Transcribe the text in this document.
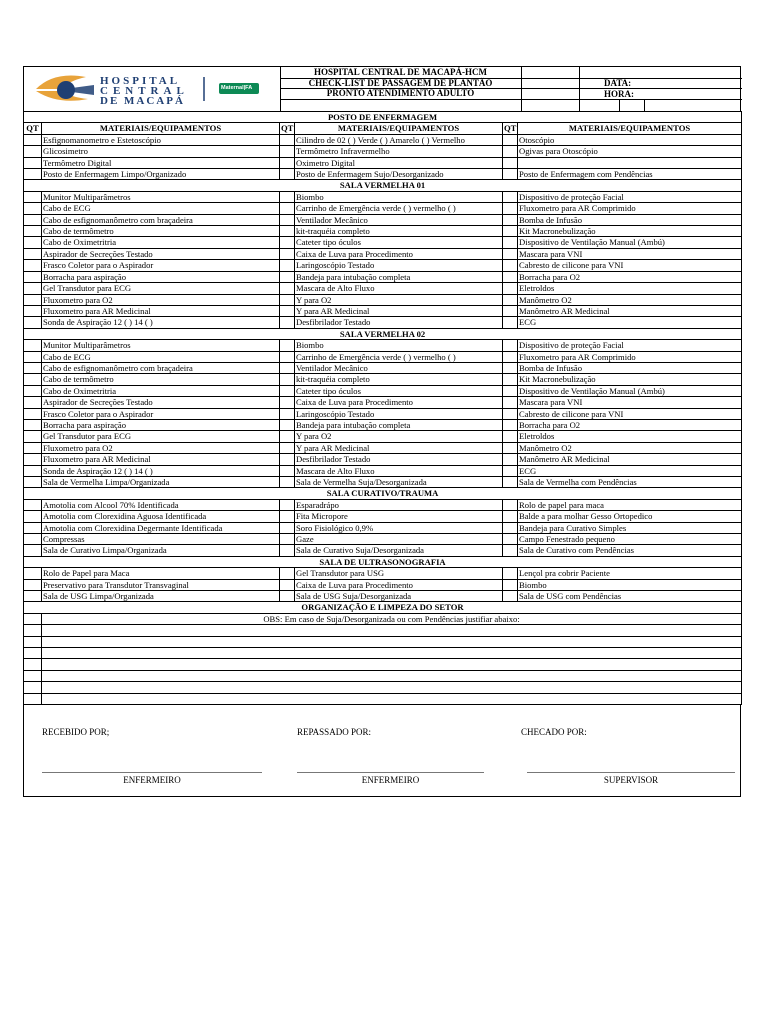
HOSPITAL
CENTRAL
DE MACAPÁ
Maternal|FA
HOSPITAL CENTRAL DE MACAPÁ-HCM
CHECK-LIST DE PASSAGEM DE PLANTÃO
PRONTO ATENDIMENTO ADULTO
DATA:
HORA:
POSTO DE ENFERMAGEM					
QT	MATERIAIS/EQUIPAMENTOS	QT	MATERIAIS/EQUIPAMENTOS	QT	MATERIAIS/EQUIPAMENTOS
	Esfignomanometro e Estetoscópio		Cilindro de 02 ( ) Verde ( ) Amarelo ( ) Vermelho		Otoscópio
	Glicosimetro		Termômetro Infravermelho		Ogivas para Otoscópio
	Termômetro Digital		Oximetro Digital		
	Posto de Enfermagem Limpo/Organizado		Posto de Enfermagem Sujo/Desorganizado		Posto de Enfermagem com Pendências
SALA VERMELHA 01					
	Munitor Multiparâmetros		Biombo		Dispositivo de proteção Facial
	Cabo de ECG		Carrinho de Emergência verde ( ) vermelho ( )		Fluxometro para AR Comprimido
	Cabo de esfignomanômetro com braçadeira		Ventilador Mecânico		Bomba de Infusão
	Cabo de termômetro		kit-traquéia completo		Kit Macronebulização
	Cabo de Oximetritria		Cateter tipo óculos		Dispositivo de Ventilação Manual (Ambú)
	Aspirador de Secreções Testado		Caixa de Luva para Procedimento		Mascara para VNI
	Frasco Coletor para o Aspirador		Laringoscópio Testado		Cabresto de cilicone para VNI
	Borracha para aspiração		Bandeja para intubação completa		Borracha para O2
	Gel Transdutor para ECG		Mascara de Alto Fluxo		Eletroldos
	Fluxometro para O2		Y para O2		Manômetro O2
	Fluxometro para AR Medicinal		Y para AR Medicinal		Manômetro AR Medicinal
	Sonda de Aspiração 12 ( ) 14 ( )		Desfibrilador Testado		ECG
SALA VERMELHA 02					
	Munitor Multiparâmetros		Biombo		Dispositivo de proteção Facial
	Cabo de ECG		Carrinho de Emergência verde ( ) vermelho ( )		Fluxometro para AR Comprimido
	Cabo de esfignomanômetro com braçadeira		Ventilador Mecânico		Bomba de Infusão
	Cabo de termômetro		kit-traquéia completo		Kit Macronebulização
	Cabo de Oximetritria		Cateter tipo óculos		Dispositivo de Ventilação Manual (Ambú)
	Aspirador de Secreções Testado		Caixa de Luva para Procedimento		Mascara para VNI
	Frasco Coletor para o Aspirador		Laringoscópio Testado		Cabresto de cilicone para VNI
	Borracha para aspiração		Bandeja para intubação completa		Borracha para O2
	Gel Transdutor para ECG		Y para O2		Eletroldos
	Fluxometro para O2		Y para AR Medicinal		Manômetro O2
	Fluxometro para AR Medicinal		Desfibrilador Testado		Manômetro AR Medicinal
	Sonda de Aspiração 12 ( ) 14 ( )		Mascara de Alto Fluxo		ECG
	Sala de Vermelha Limpa/Organizada		Sala de Vermelha Suja/Desorganizada		Sala de Vermelha com Pendências
SALA CURATIVO/TRAUMA					
	Amotolia com Alcool 70% Identificada		Esparadrápo		Rolo de papel para maca
	Amotolia com Clorexidina Aguosa Identificada		Fita Micropore		Balde a para molhar Gesso Ortopedico
	Amotolia com Clorexidina Degermante Identificada		Soro Fisiológico 0,9%		Bandeja para Curativo Simples
	Compressas		Gaze		Campo Fenestrado pequeno
	Sala de Curativo Limpa/Organizada		Sala de Curativo Suja/Desorganizada		Sala de Curativo com Pendências
SALA DE ULTRASONOGRAFIA					
	Rolo de Papel para Maca		Gel Transdutor para USG		Lençol pra cobrir Paciente
	Preservativo para Transdutor Transvaginal		Caixa de Luva para Procedimento		Biombo
	Sala de USG Limpa/Organizada		Sala de USG Suja/Desorganizada		Sala de USG com Pendências
ORGANIZAÇÃO E LIMPEZA DO SETOR					
	OBS: Em caso de Suja/Desorganizada ou com Pendências justifiar abaixo:				

RECEBIDO POR;	REPASSADO POR:	CHECADO POR:
ENFERMEIRO	ENFERMEIRO	SUPERVISOR
